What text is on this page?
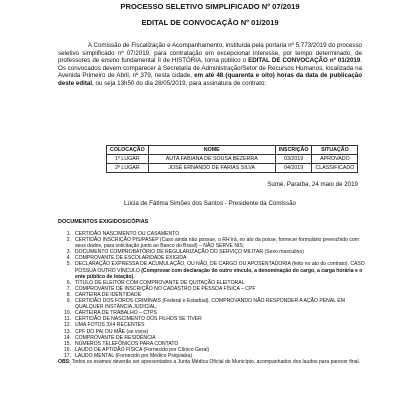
PROCESSO SELETIVO SIMPLIFICADO Nº 07/2019
EDITAL DE CONVOCAÇÃO Nº 01/2019

A Comissão de Fiscalização e Acompanhamento, instituída pela portaria nº 5.773/2019 do processo seletivo simplificado nº 07/2019, para contratação em excepcional interesse, por tempo determinado, de professores de ensino fundamental II de HISTÓRIA, torna público o EDITAL DE CONVOCAÇÃO nº 01/2019. Os convocados devem comparecer à Secretaria de Administração/Setor de Recursos Humanos, localizada na Avenida Primeiro de Abril, nº 379, nesta cidade, em até 48 (quarenta e oito) horas da data de publicação deste edital, ou seja 13h50 do dia 28/05/2019, para assinatura de contrato:

COLOCAÇÃO	NOME	INSCRIÇÃO	SITUAÇÃO
1º LUGAR	AUTA FABIANA DE SOUSA BEZERRA	03/2019	APROVADO
2º LUGAR	JOSÉ ERNANDO DE FARIAS SILVA	04/2019	CLASSIFICADO
Sumé, Paraíba, 24 maio de 2019
Lúcia de Fátima Simões dos Santos - Presidente da Comissão
DOCUMENTOS EXIGIDOS/CÓPIAS
1. CERTIDÃO NASCIMENTO OU CASAMENTO
2. CERTIDÃO INSCRIÇÃO PIS/PASEP (Caso ainda não possue, o RH irá, no ato da posse, fornecer formulário preenchido com seus dados, para solicitação junto ao Banco do Brasil) – NÃO SERVE NIS;
3. DOCUMENTO COMPROBATÓRIO DE REGULARIZAÇÃO DO SERVIÇO MILITAR (Sexo masculino)
4. COMPROVANTE DE ESCOLARIDADE EXIGIDA
5. DECLARAÇÃO EXPRESSA DE ACUMULAÇÃO, OU NÃO, DE CARGO OU APOSENTADORIA (feito no ato do contrato). CASO POSSUA OUTRO VÍNCULO (Comprovar com declaração do outro vínculo, a denominação do cargo, a carga horária e o ente público de lotação).
6. TÍTULO DE ELEITOR COM COMPROVANTE DE QUITAÇÃO ELEITORAL
7. COMPROVANTE DE INSCRIÇÃO NO CADASTRO DE PESSOA FÍSICA – CPF
8. CARTEIRA DE IDENTIDADE
9. CERTIDÃO DOS FOROS CRIMINAIS (Federal e Estadual), COMPROVANDO NÃO RESPONDER A AÇÃO PENAL EM QUALQUER INSTÂNCIA JUDICIAL;
10. CARTEIRA DE TRABALHO – CTPS
11. CERTIDÃO DE NASCIMENTO DOS FILHOS SE TIVER
12. UMA FOTOS 3X4 RECENTES
13. CPF DO PAI OU MÃE (se vivos)
14. COMPROVANTE DE RESIDÊNCIA
15. NÚMEROS TELEFÔNICOS PARA CONTATO
16. LAUDO DE APTIDÃO FÍSICA (Fornecido por Clínico Geral)
17. LAUDO MENTAL (Fornecido por Médico Psiquiatra)
OBS: Todos os exames deverão ser apresentados a Junta Médica Oficial do Município, acompanhados dos laudos para parecer final.
